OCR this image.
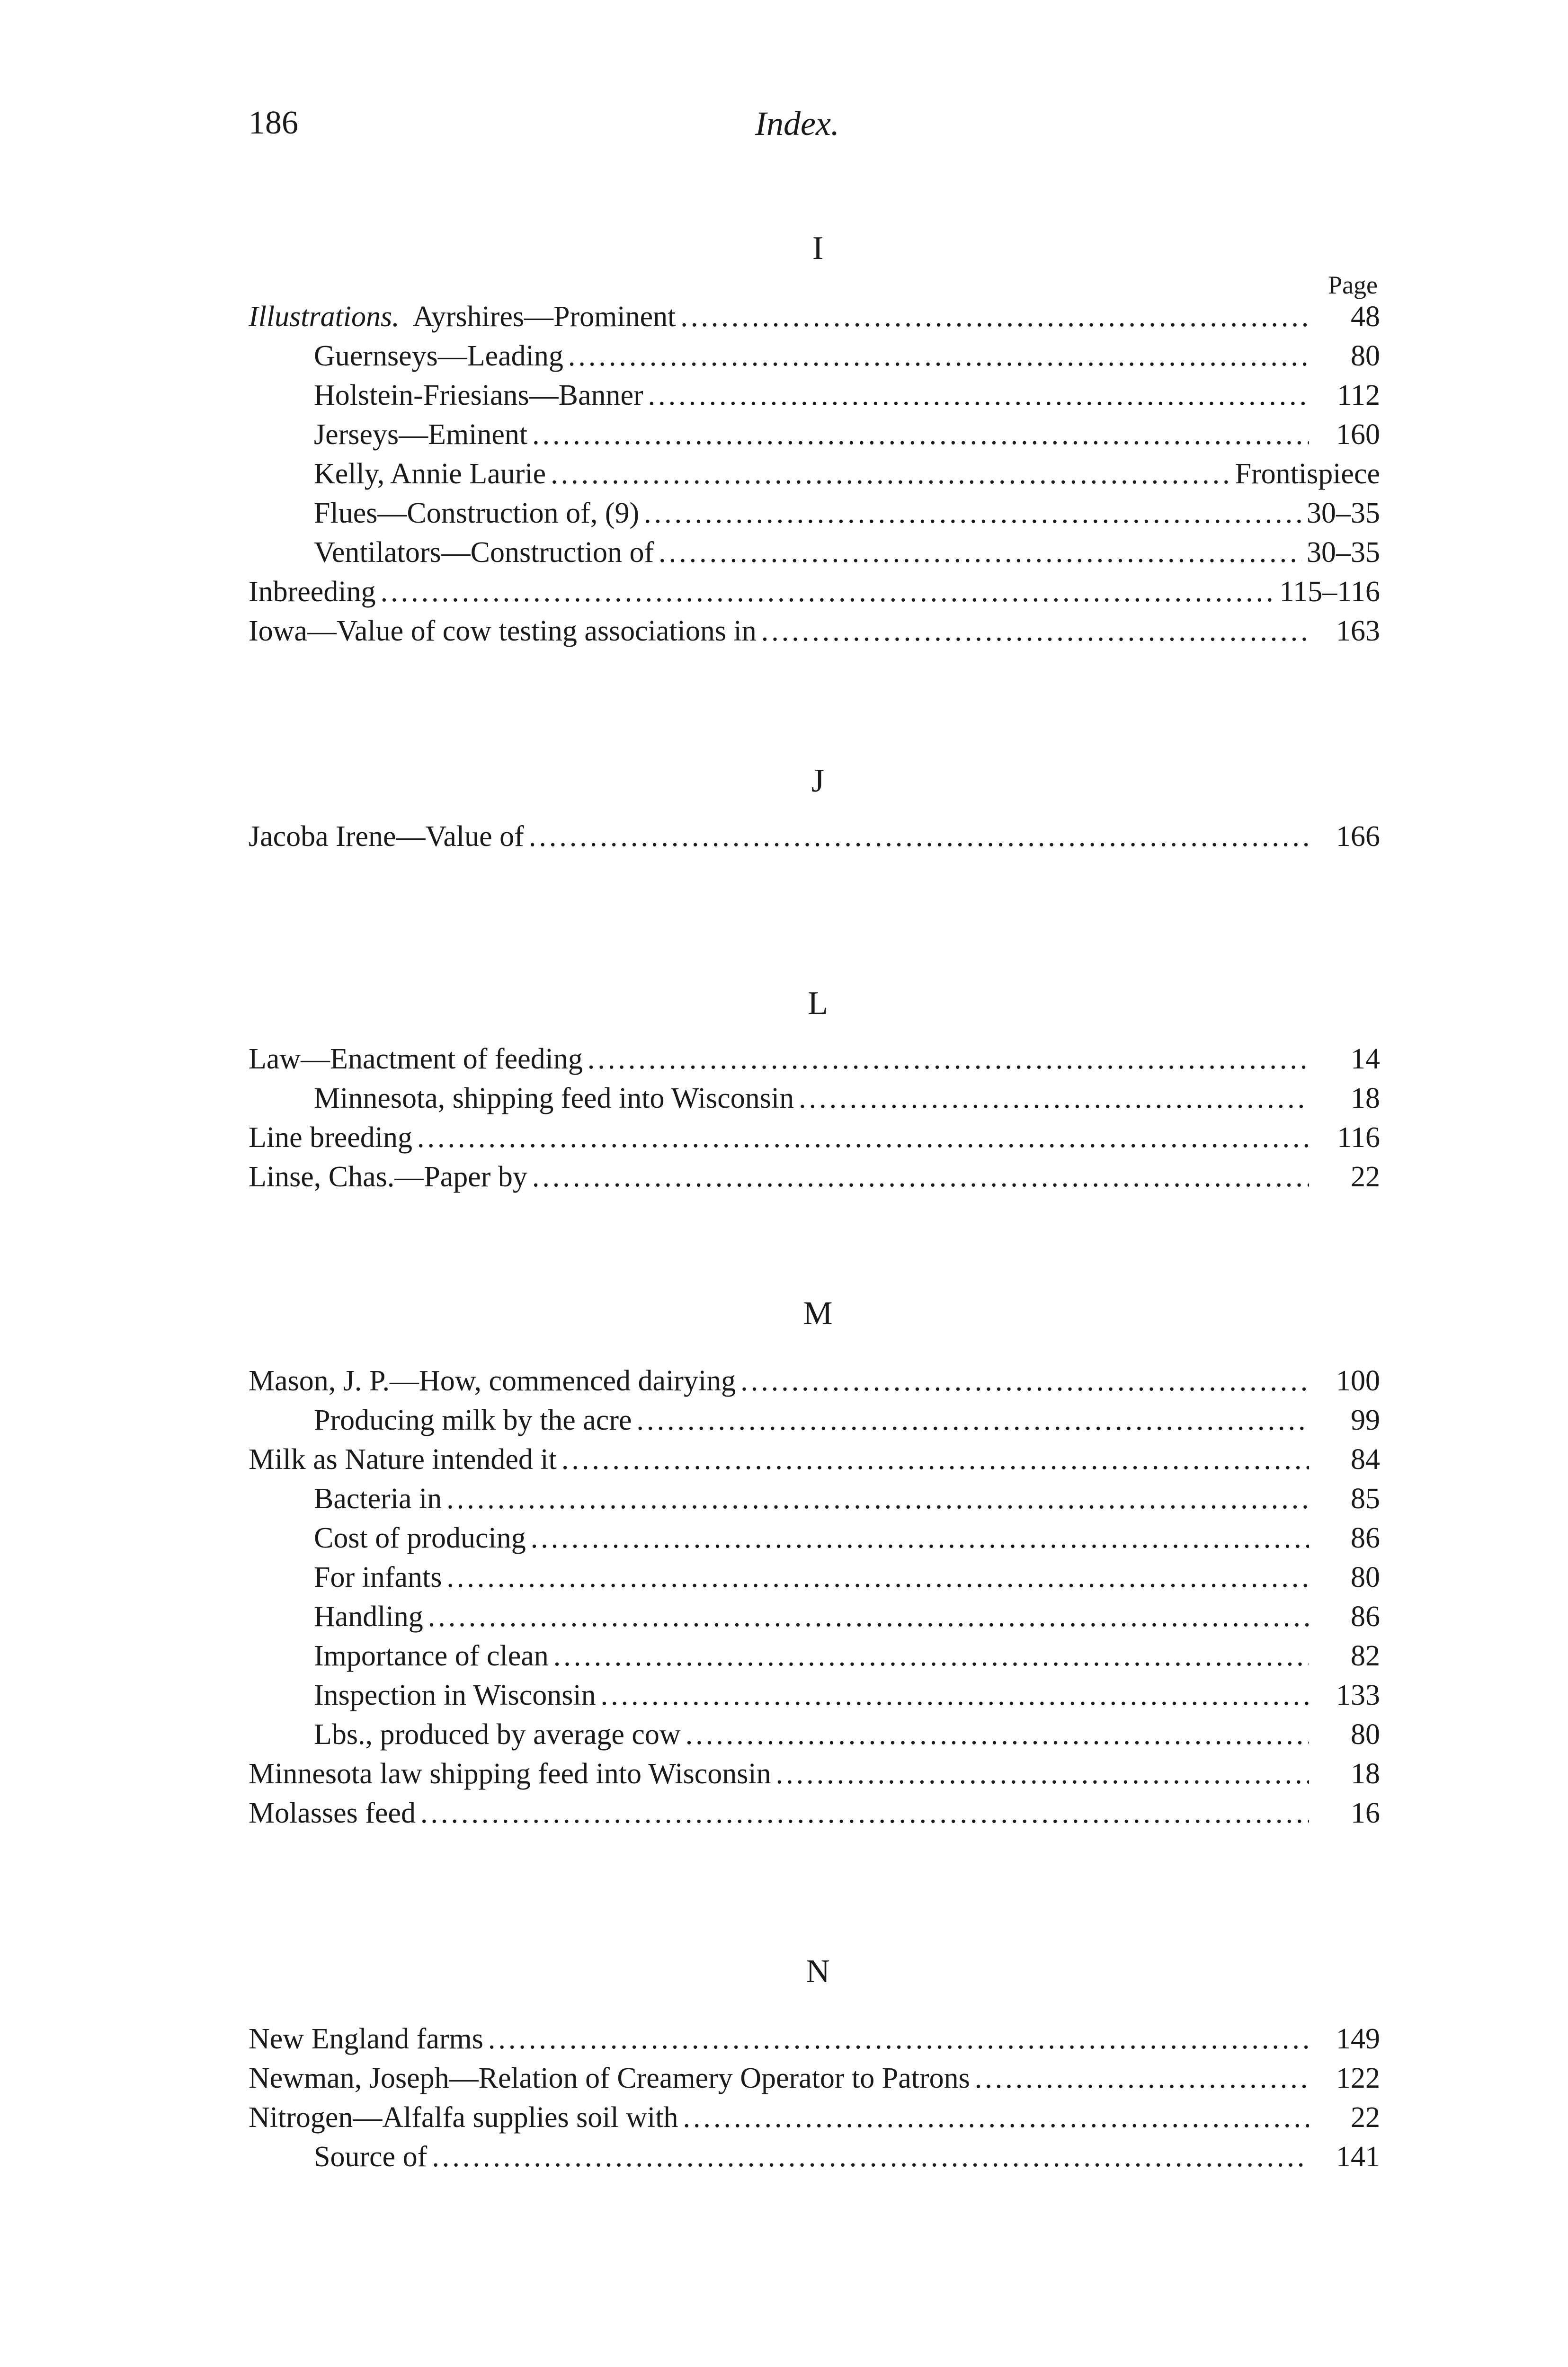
186	Index.
Page
I
Illustrations. Ayrshires—Prominent .....	48
Guernseys—Leading .....	80
Holstein-Friesians—Banner .....	112
Jerseys—Eminent .....	160
Kelly, Annie Laurie .....	Frontispiece
Flues—Construction of, (9) .....	30–35
Ventilators—Construction of .....	30–35
Inbreeding .....	115–116
Iowa—Value of cow testing associations in .....	163
J
Jacoba Irene—Value of .....	166
L
Law—Enactment of feeding .....	14
Minnesota, shipping feed into Wisconsin .....	18
Line breeding .....	116
Linse, Chas.—Paper by .....	22
M
Mason, J. P.—How, commenced dairying .....	100
Producing milk by the acre .....	99
Milk as Nature intended it .....	84
Bacteria in .....	85
Cost of producing .....	86
For infants .....	80
Handling .....	86
Importance of clean .....	82
Inspection in Wisconsin .....	133
Lbs., produced by average cow .....	80
Minnesota law shipping feed into Wisconsin .....	18
Molasses feed .....	16
N
New England farms .....	149
Newman, Joseph—Relation of Creamery Operator to Patrons .....	122
Nitrogen—Alfalfa supplies soil with .....	22
Source of .....	141
